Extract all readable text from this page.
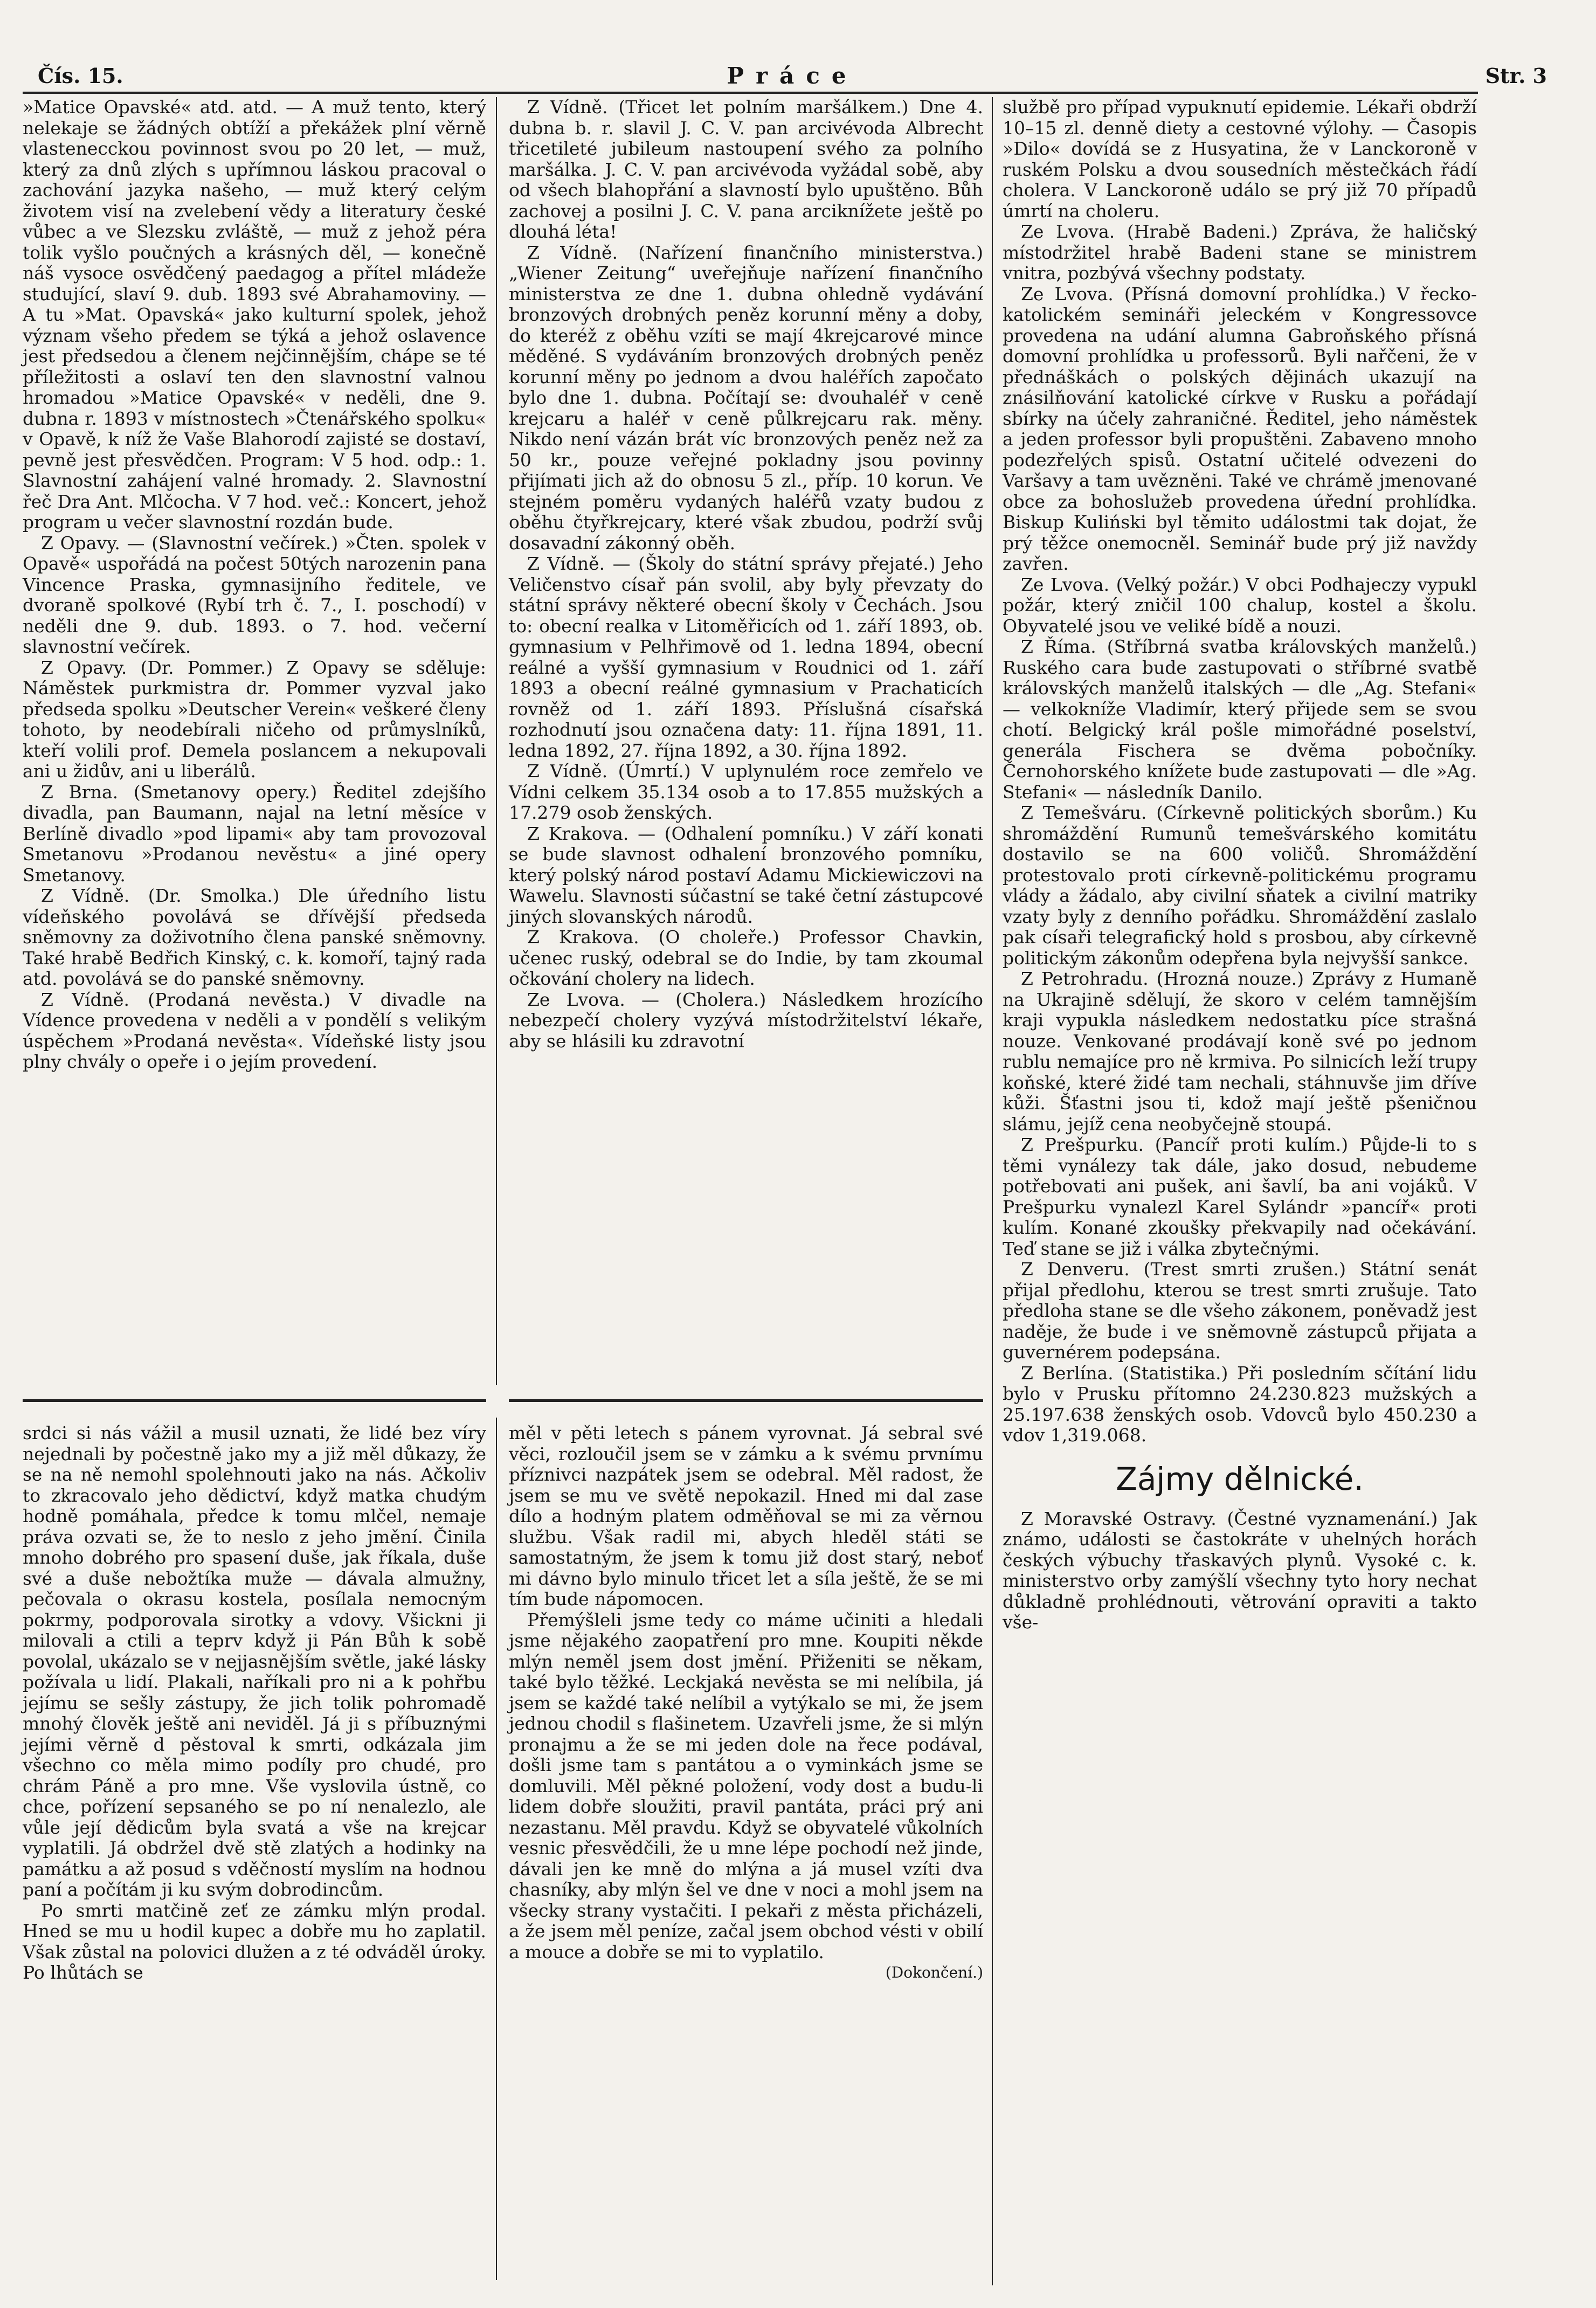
Čís. 15.	Práce	Str. 3

»Matice Opavské« atd. atd. — A muž tento, který nelekaje se žádných obtíží a překážek plní věrně vlastenecckou povinnost svou po 20 let, — muž, který za dnů zlých s upřímnou láskou pracoval o zachování jazyka našeho, — muž který celým životem visí na zvelebení vědy a literatury české vůbec a ve Slezsku zvláště, — muž z jehož péra tolik vyšlo poučných a krásných děl, — konečně náš vysoce osvědčený paedagog a přítel mládeže studující, slaví 9. dub. 1893 své Abrahamoviny. — A tu »Mat. Opavská« jako kulturní spolek, jehož význam všeho předem se týká a jehož oslavence jest předsedou a členem nejčinnějším, chápe se té příležitosti a oslaví ten den slavnostní valnou hromadou »Matice Opavské« v neděli, dne 9. dubna r. 1893 v místnostech »Čtenářského spolku« v Opavě, k níž že Vaše Blahorodí zajisté se dostaví, pevně jest přesvědčen. Program: V 5 hod. odp.: 1. Slavnostní zahájení valné hromady. 2. Slavnostní řeč Dra Ant. Mlčocha. V 7 hod. več.: Koncert, jehož program u večer slavnostní rozdán bude.

Z Opavy. — (Slavnostní večírek.) »Čten. spolek v Opavě« uspořádá na počest 50tých narozenin pana Vincence Praska, gymnasijního ředitele, ve dvoraně spolkové (Rybí trh č. 7., I. poschodí) v neděli dne 9. dub. 1893. o 7. hod. večerní slavnostní večírek.

Z Opavy. (Dr. Pommer.) Z Opavy se sděluje: Náměstek purkmistra dr. Pommer vyzval jako předseda spolku »Deutscher Verein« veškeré členy tohoto, by neodebírali ničeho od průmyslníků, kteří volili prof. Demela poslancem a nekupovali ani u židův, ani u liberálů.

Z Brna. (Smetanovy opery.) Ředitel zdejšího divadla, pan Baumann, najal na letní měsíce v Berlíně divadlo »pod lipami« aby tam provozoval Smetanovu »Prodanou nevěstu« a jiné opery Smetanovy.

Z Vídně. (Dr. Smolka.) Dle úředního listu vídeňského povolává se dřívější předseda sněmovny za doživotního člena panské sněmovny. Také hrabě Bedřich Kinský, c. k. komoří, tajný rada atd. povolává se do panské sněmovny.

Z Vídně. (Prodaná nevěsta.) V divadle na Vídence provedena v neděli a v pondělí s velikým úspěchem »Prodaná nevěsta«. Vídeňské listy jsou plny chvály o opeře i o jejím provedení.

Z Vídně. (Třicet let polním maršálkem.) Dne 4. dubna b. r. slavil J. C. V. pan arcivévoda Albrecht třicetileté jubileum nastoupení svého za polního maršálka. J. C. V. pan arcivévoda vyžádal sobě, aby od všech blahopřání a slavností bylo upuštěno. Bůh zachovej a posilni J. C. V. pana arciknížete ještě po dlouhá léta!

Z Vídně. (Nařízení finančního ministerstva.) „Wiener Zeitung“ uveřejňuje nařízení finančního ministerstva ze dne 1. dubna ohledně vydávání bronzových drobných peněz korunní měny a doby, do kteréž z oběhu vzíti se mají 4krejcarové mince měděné. S vydáváním bronzových drobných peněz korunní měny po jednom a dvou haléřích započato bylo dne 1. dubna. Počítají se: dvouhaléř v ceně krejcaru a haléř v ceně půlkrejcaru rak. měny. Nikdo není vázán brát víc bronzových peněz než za 50 kr., pouze veřejné pokladny jsou povinny přijímati jich až do obnosu 5 zl., příp. 10 korun. Ve stejném poměru vydaných haléřů vzaty budou z oběhu čtyřkrejcary, které však zbudou, podrží svůj dosavadní zákonný oběh.

Z Vídně. — (Školy do státní správy přejaté.) Jeho Veličenstvo císař pán svolil, aby byly převzaty do státní správy některé obecní školy v Čechách. Jsou to: obecní realka v Litoměřicích od 1. září 1893, ob. gymnasium v Pelhřimově od 1. ledna 1894, obecní reálné a vyšší gymnasium v Roudnici od 1. září 1893 a obecní reálné gymnasium v Prachaticích rovněž od 1. září 1893. Příslušná císařská rozhodnutí jsou označena daty: 11. října 1891, 11. ledna 1892, 27. října 1892, a 30. října 1892.

Z Vídně. (Úmrtí.) V uplynulém roce zemřelo ve Vídni celkem 35.134 osob a to 17.855 mužských a 17.279 osob ženských.

Z Krakova. — (Odhalení pomníku.) V září konati se bude slavnost odhalení bronzového pomníku, který polský národ postaví Adamu Mickiewiczovi na Wawelu. Slavnosti súčastní se také četní zástupcové jiných slovanských národů.

Z Krakova. (O choleře.) Professor Chavkin, učenec ruský, odebral se do Indie, by tam zkoumal očkování cholery na lidech.

Ze Lvova. — (Cholera.) Následkem hrozícího nebezpečí cholery vyzývá místodržitelství lékaře, aby se hlásili ku zdravotní

službě pro případ vypuknutí epidemie. Lékaři obdrží 10–15 zl. denně diety a cestovné výlohy. — Časopis »Dilo« dovídá se z Husyatina, že v Lanckoroně v ruském Polsku a dvou sousedních městečkách řádí cholera. V Lanckoroně událo se prý již 70 případů úmrtí na choleru.

Ze Lvova. (Hrabě Badeni.) Zpráva, že haličský místodržitel hrabě Badeni stane se ministrem vnitra, pozbývá všechny podstaty.

Ze Lvova. (Přísná domovní prohlídka.) V řecko-katolickém semináři jeleckém v Kongressovce provedena na udání alumna Gabroňského přísná domovní prohlídka u professorů. Byli nařčeni, že v přednáškách o polských dějinách ukazují na znásilňování katolické církve v Rusku a pořádají sbírky na účely zahraničné. Ředitel, jeho náměstek a jeden professor byli propuštěni. Zabaveno mnoho podezřelých spisů. Ostatní učitelé odvezeni do Varšavy a tam uvězněni. Také ve chrámě jmenované obce za bohoslužeb provedena úřední prohlídka. Biskup Kuliński byl těmito událostmi tak dojat, že prý těžce onemocněl. Seminář bude prý již navždy zavřen.

Ze Lvova. (Velký požár.) V obci Podhajeczy vypukl požár, který zničil 100 chalup, kostel a školu. Obyvatelé jsou ve veliké bídě a nouzi.

Z Říma. (Stříbrná svatba královských manželů.) Ruského cara bude zastupovati o stříbrné svatbě královských manželů italských — dle „Ag. Stefani« — velkokníže Vladimír, který přijede sem se svou chotí. Belgický král pošle mimořádné poselství, generála Fischera se dvěma pobočníky. Černohorského knížete bude zastupovati — dle »Ag. Stefani« — následník Danilo.

Z Temešváru. (Církevně politických sborům.) Ku shromáždění Rumunů temešvárského komitátu dostavilo se na 600 voličů. Shromáždění protestovalo proti církevně-politickému programu vlády a žádalo, aby civilní sňatek a civilní matriky vzaty byly z denního pořádku. Shromáždění zaslalo pak císaři telegrafický hold s prosbou, aby církevně politickým zákonům odepřena byla nejvyšší sankce.

Z Petrohradu. (Hrozná nouze.) Zprávy z Humaně na Ukrajině sdělují, že skoro v celém tamnějším kraji vypukla následkem nedostatku píce strašná nouze. Venkované prodávají koně své po jednom rublu nemajíce pro ně krmiva. Po silnicích leží trupy koňské, které židé tam nechali, stáhnuvše jim dříve kůži. Šťastni jsou ti, kdož mají ještě pšeničnou slámu, jejíž cena neobyčejně stoupá.

Z Prešpurku. (Pancíř proti kulím.) Půjde-li to s těmi vynálezy tak dále, jako dosud, nebudeme potřebovati ani pušek, ani šavlí, ba ani vojáků. V Prešpurku vynalezl Karel Sylándr »pancíř« proti kulím. Konané zkoušky překvapily nad očekávání. Teď stane se již i válka zbytečnými.

Z Denveru. (Trest smrti zrušen.) Státní senát přijal předlohu, kterou se trest smrti zrušuje. Tato předloha stane se dle všeho zákonem, poněvadž jest naděje, že bude i ve sněmovně zástupců přijata a guvernérem podepsána.

Z Berlína. (Statistika.) Při posledním sčítání lidu bylo v Prusku přítomno 24.230.823 mužských a 25.197.638 ženských osob. Vdovců bylo 450.230 a vdov 1,319.068.

Zájmy dělnické.

Z Moravské Ostravy. (Čestné vyznamenání.) Jak známo, události se častokráte v uhelných horách českých výbuchy třaskavých plynů. Vysoké c. k. ministerstvo orby zamýšlí všechny tyto hory nechat důkladně prohlédnouti, větrování opraviti a takto vše-

srdci si nás vážil a musil uznati, že lidé bez víry nejednali by počestně jako my a již měl důkazy, že se na ně nemohl spolehnouti jako na nás. Ačkoliv to zkracovalo jeho dědictví, když matka chudým hodně pomáhala, předce k tomu mlčel, nemaje práva ozvati se, že to neslo z jeho jmění. Činila mnoho dobrého pro spasení duše, jak říkala, duše své a duše nebožtíka muže — dávala almužny, pečovala o okrasu kostela, posílala nemocným pokrmy, podporovala sirotky a vdovy. Všickni ji milovali a ctili a teprv když ji Pán Bůh k sobě povolal, ukázalo se v nejjasnějším světle, jaké lásky požívala u lidí. Plakali, naříkali pro ni a k pohřbu jejímu se sešly zástupy, že jich tolik pohromadě mnohý člověk ještě ani neviděl. Já ji s příbuznými jejími věrně d pěstoval k smrti, odkázala jim všechno co měla mimo podíly pro chudé, pro chrám Páně a pro mne. Vše vyslovila ústně, co chce, pořízení sepsaného se po ní nenalezlo, ale vůle její dědicům byla svatá a vše na krejcar vyplatili. Já obdržel dvě stě zlatých a hodinky na památku a až posud s vděčností myslím na hodnou paní a počítám ji ku svým dobrodincům.

Po smrti matčině zeť ze zámku mlýn prodal. Hned se mu u hodil kupec a dobře mu ho zaplatil. Však zůstal na polovici dlužen a z té odváděl úroky. Po lhůtách se

měl v pěti letech s pánem vyrovnat. Já sebral své věci, rozloučil jsem se v zámku a k svému prvnímu příznivci nazpátek jsem se odebral. Měl radost, že jsem se mu ve světě nepokazil. Hned mi dal zase dílo a hodným platem odměňoval se mi za věrnou službu. Však radil mi, abych hleděl státi se samostatným, že jsem k tomu již dost starý, neboť mi dávno bylo minulo třicet let a síla ještě, že se mi tím bude nápomocen.

Přemýšleli jsme tedy co máme učiniti a hledali jsme nějakého zaopatření pro mne. Koupiti někde mlýn neměl jsem dost jmění. Přiženiti se někam, také bylo těžké. Leckjaká nevěsta se mi nelíbila, já jsem se každé také nelíbil a vytýkalo se mi, že jsem jednou chodil s flašinetem. Uzavřeli jsme, že si mlýn pronajmu a že se mi jeden dole na řece podával, došli jsme tam s pantátou a o vyminkách jsme se domluvili. Měl pěkné položení, vody dost a budu-li lidem dobře sloužiti, pravil pantáta, práci prý ani nezastanu. Měl pravdu. Když se obyvatelé vůkolních vesnic přesvědčili, že u mne lépe pochodí než jinde, dávali jen ke mně do mlýna a já musel vzíti dva chasníky, aby mlýn šel ve dne v noci a mohl jsem na všecky strany vystačiti. I pekaři z města přicházeli, a že jsem měl peníze, začal jsem obchod vésti v obilí a mouce a dobře se mi to vyplatilo.

(Dokončení.)
